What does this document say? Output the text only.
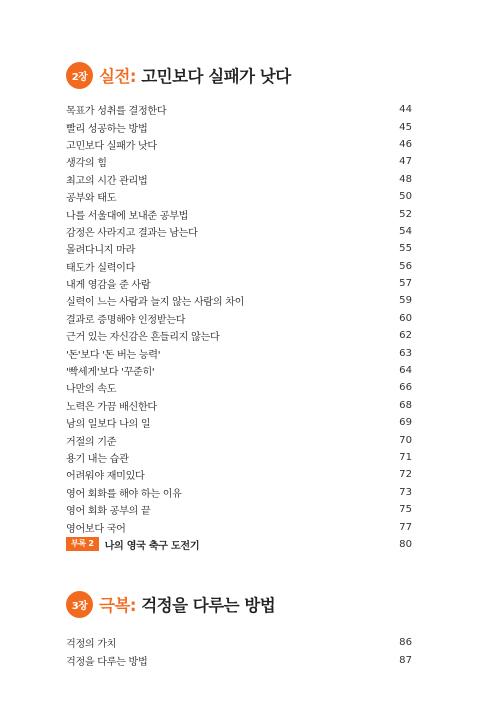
2장 실전: 고민보다 실패가 낫다
목표가 성취를 결정한다	44
빨리 성공하는 방법	45
고민보다 실패가 낫다	46
생각의 힘	47
최고의 시간 관리법	48
공부와 태도	50
나를 서울대에 보내준 공부법	52
감정은 사라지고 결과는 남는다	54
몰려다니지 마라	55
태도가 실력이다	56
내게 영감을 준 사람	57
실력이 느는 사람과 늘지 않는 사람의 차이	59
결과로 증명해야 인정받는다	60
근거 있는 자신감은 흔들리지 않는다	62
'돈'보다 '돈 버는 능력'	63
'빡세게'보다 '꾸준히'	64
나만의 속도	66
노력은 가끔 배신한다	68
남의 일보다 나의 일	69
거절의 기준	70
용기 내는 습관	71
어려워야 재미있다	72
영어 회화를 해야 하는 이유	73
영어 회화 공부의 끝	75
영어보다 국어	77
부록 2	나의 영국 축구 도전기	80
3장 극복: 걱정을 다루는 방법
걱정의 가치	86
걱정을 다루는 방법	87
